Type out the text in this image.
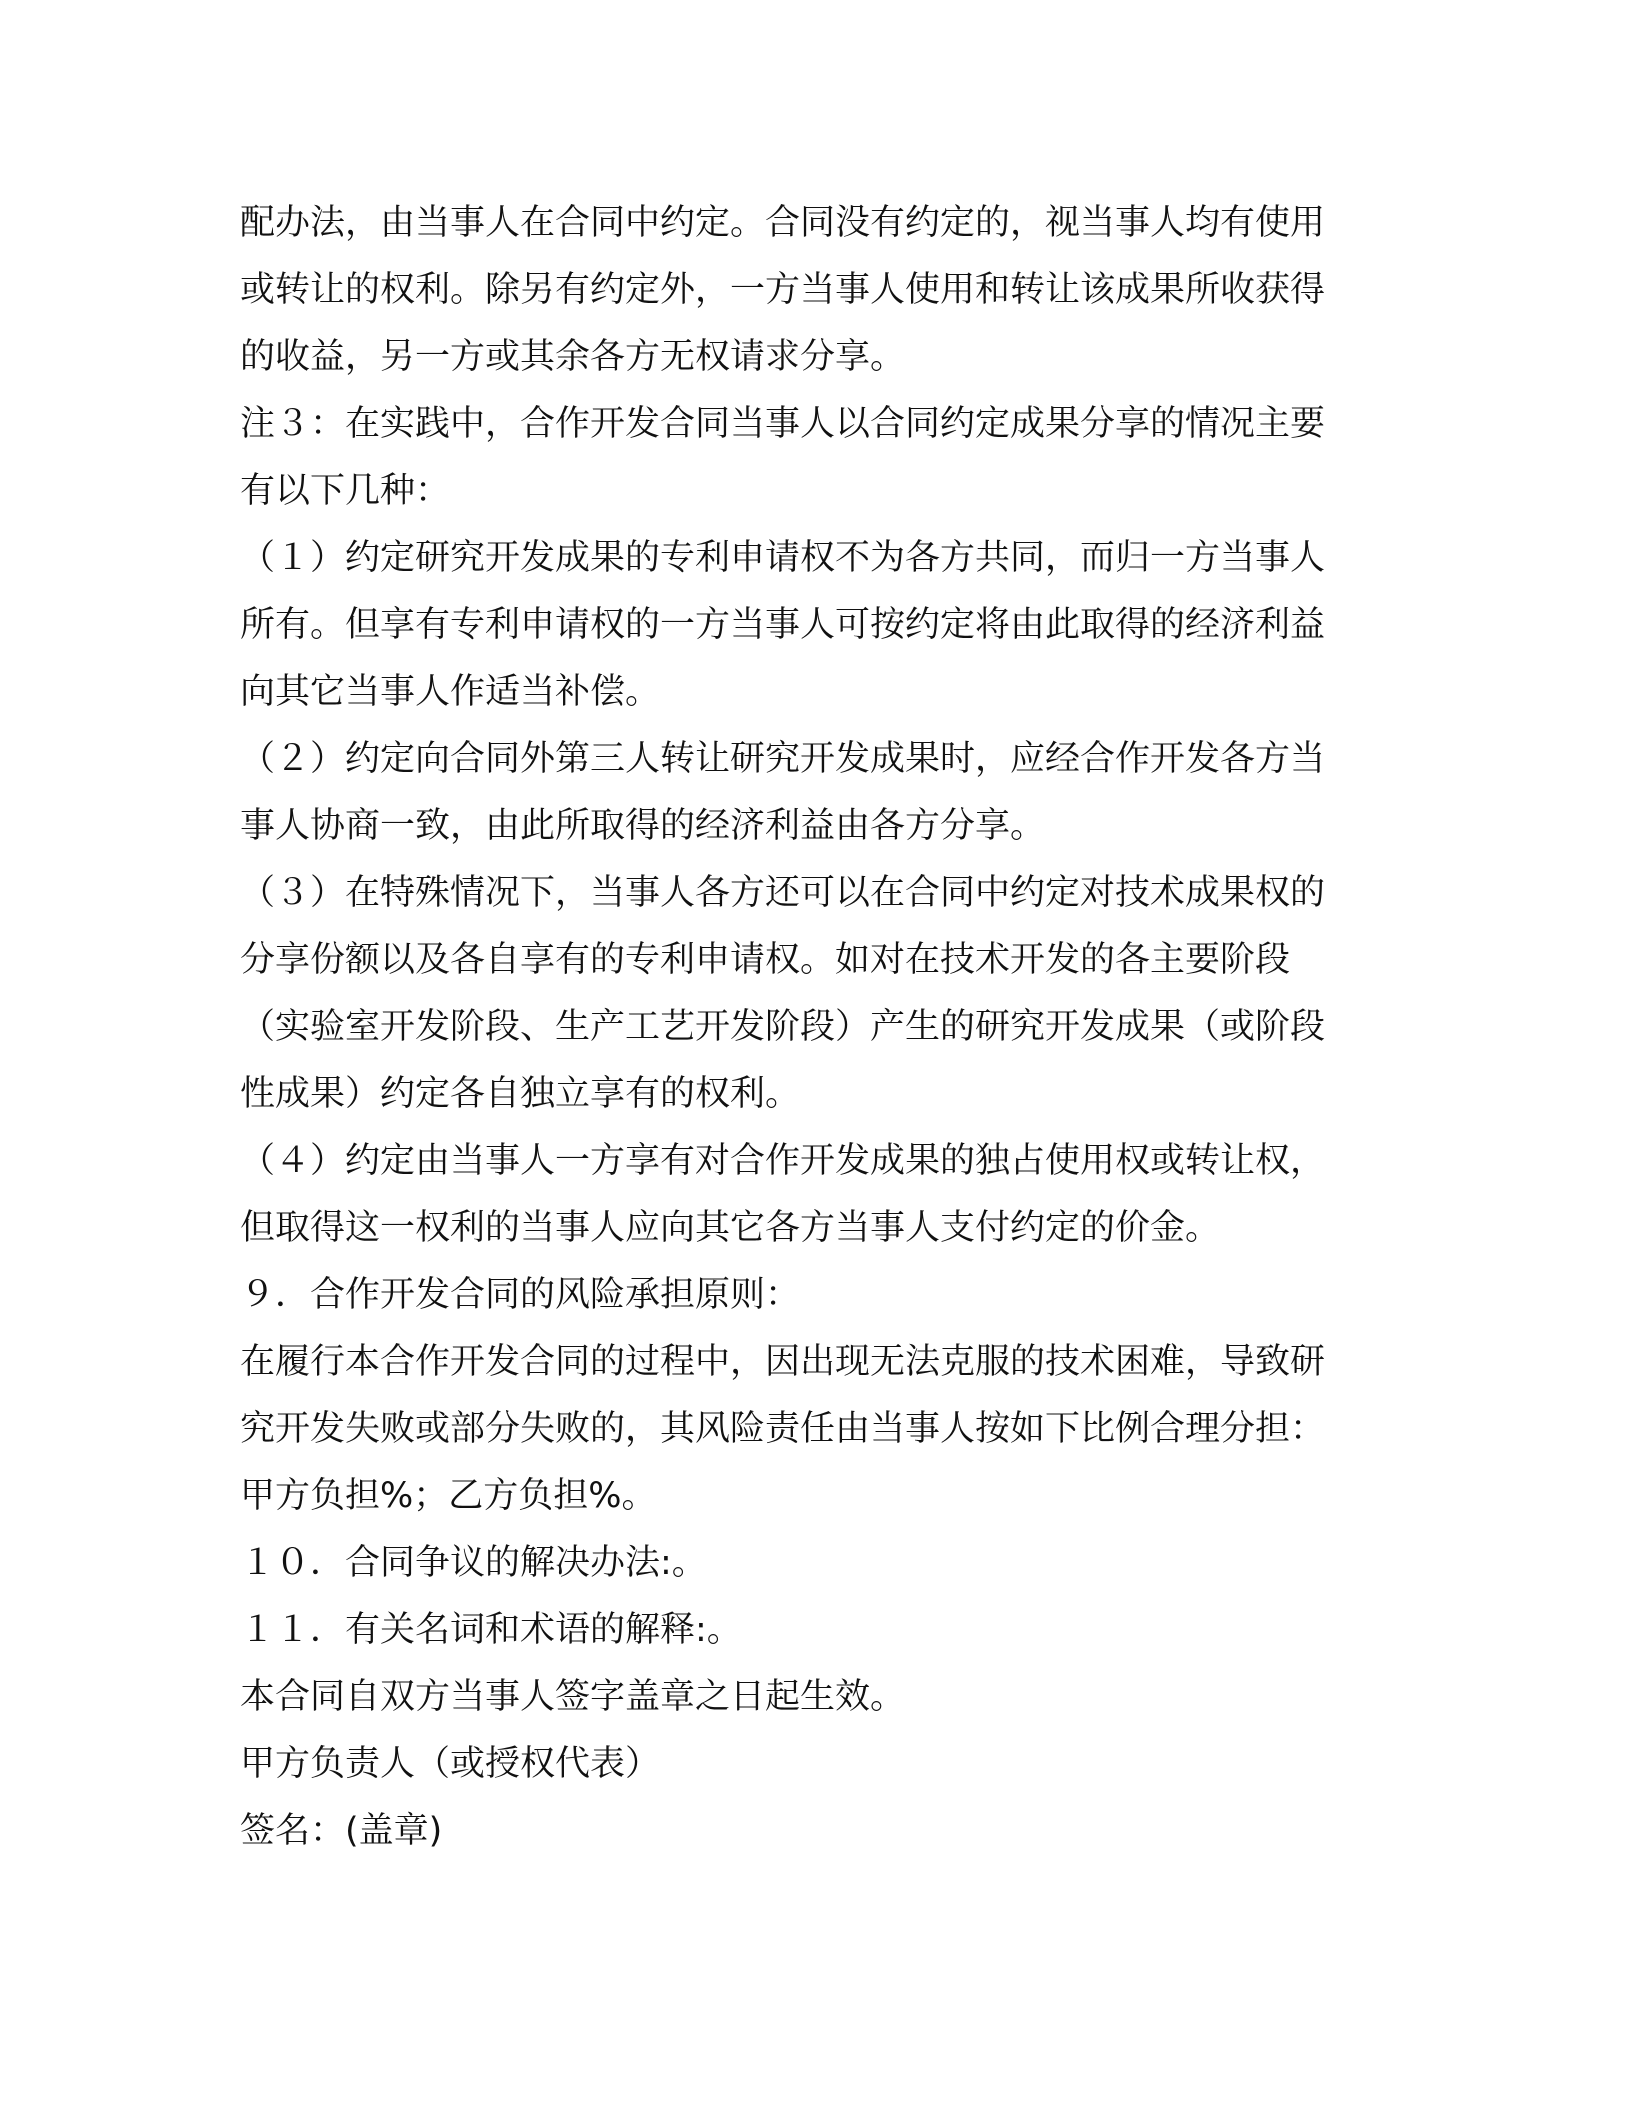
配办法，由当事人在合同中约定。合同没有约定的，视当事人均有使用

或转让的权利。除另有约定外，一方当事人使用和转让该成果所收获得

的收益，另一方或其余各方无权请求分享。

注３：在实践中，合作开发合同当事人以合同约定成果分享的情况主要

有以下几种：

（１）约定研究开发成果的专利申请权不为各方共同，而归一方当事人

所有。但享有专利申请权的一方当事人可按约定将由此取得的经济利益

向其它当事人作适当补偿。

（２）约定向合同外第三人转让研究开发成果时，应经合作开发各方当

事人协商一致，由此所取得的经济利益由各方分享。

（３）在特殊情况下，当事人各方还可以在合同中约定对技术成果权的

分享份额以及各自享有的专利申请权。如对在技术开发的各主要阶段

（实验室开发阶段、生产工艺开发阶段）产生的研究开发成果（或阶段

性成果）约定各自独立享有的权利。

（４）约定由当事人一方享有对合作开发成果的独占使用权或转让权，

但取得这一权利的当事人应向其它各方当事人支付约定的价金。

９．合作开发合同的风险承担原则：

在履行本合作开发合同的过程中，因出现无法克服的技术困难，导致研

究开发失败或部分失败的，其风险责任由当事人按如下比例合理分担：

甲方负担%；乙方负担%。

１０．合同争议的解决办法:。

１１．有关名词和术语的解释:。

本合同自双方当事人签字盖章之日起生效。

甲方负责人（或授权代表）

签名：(盖章)
